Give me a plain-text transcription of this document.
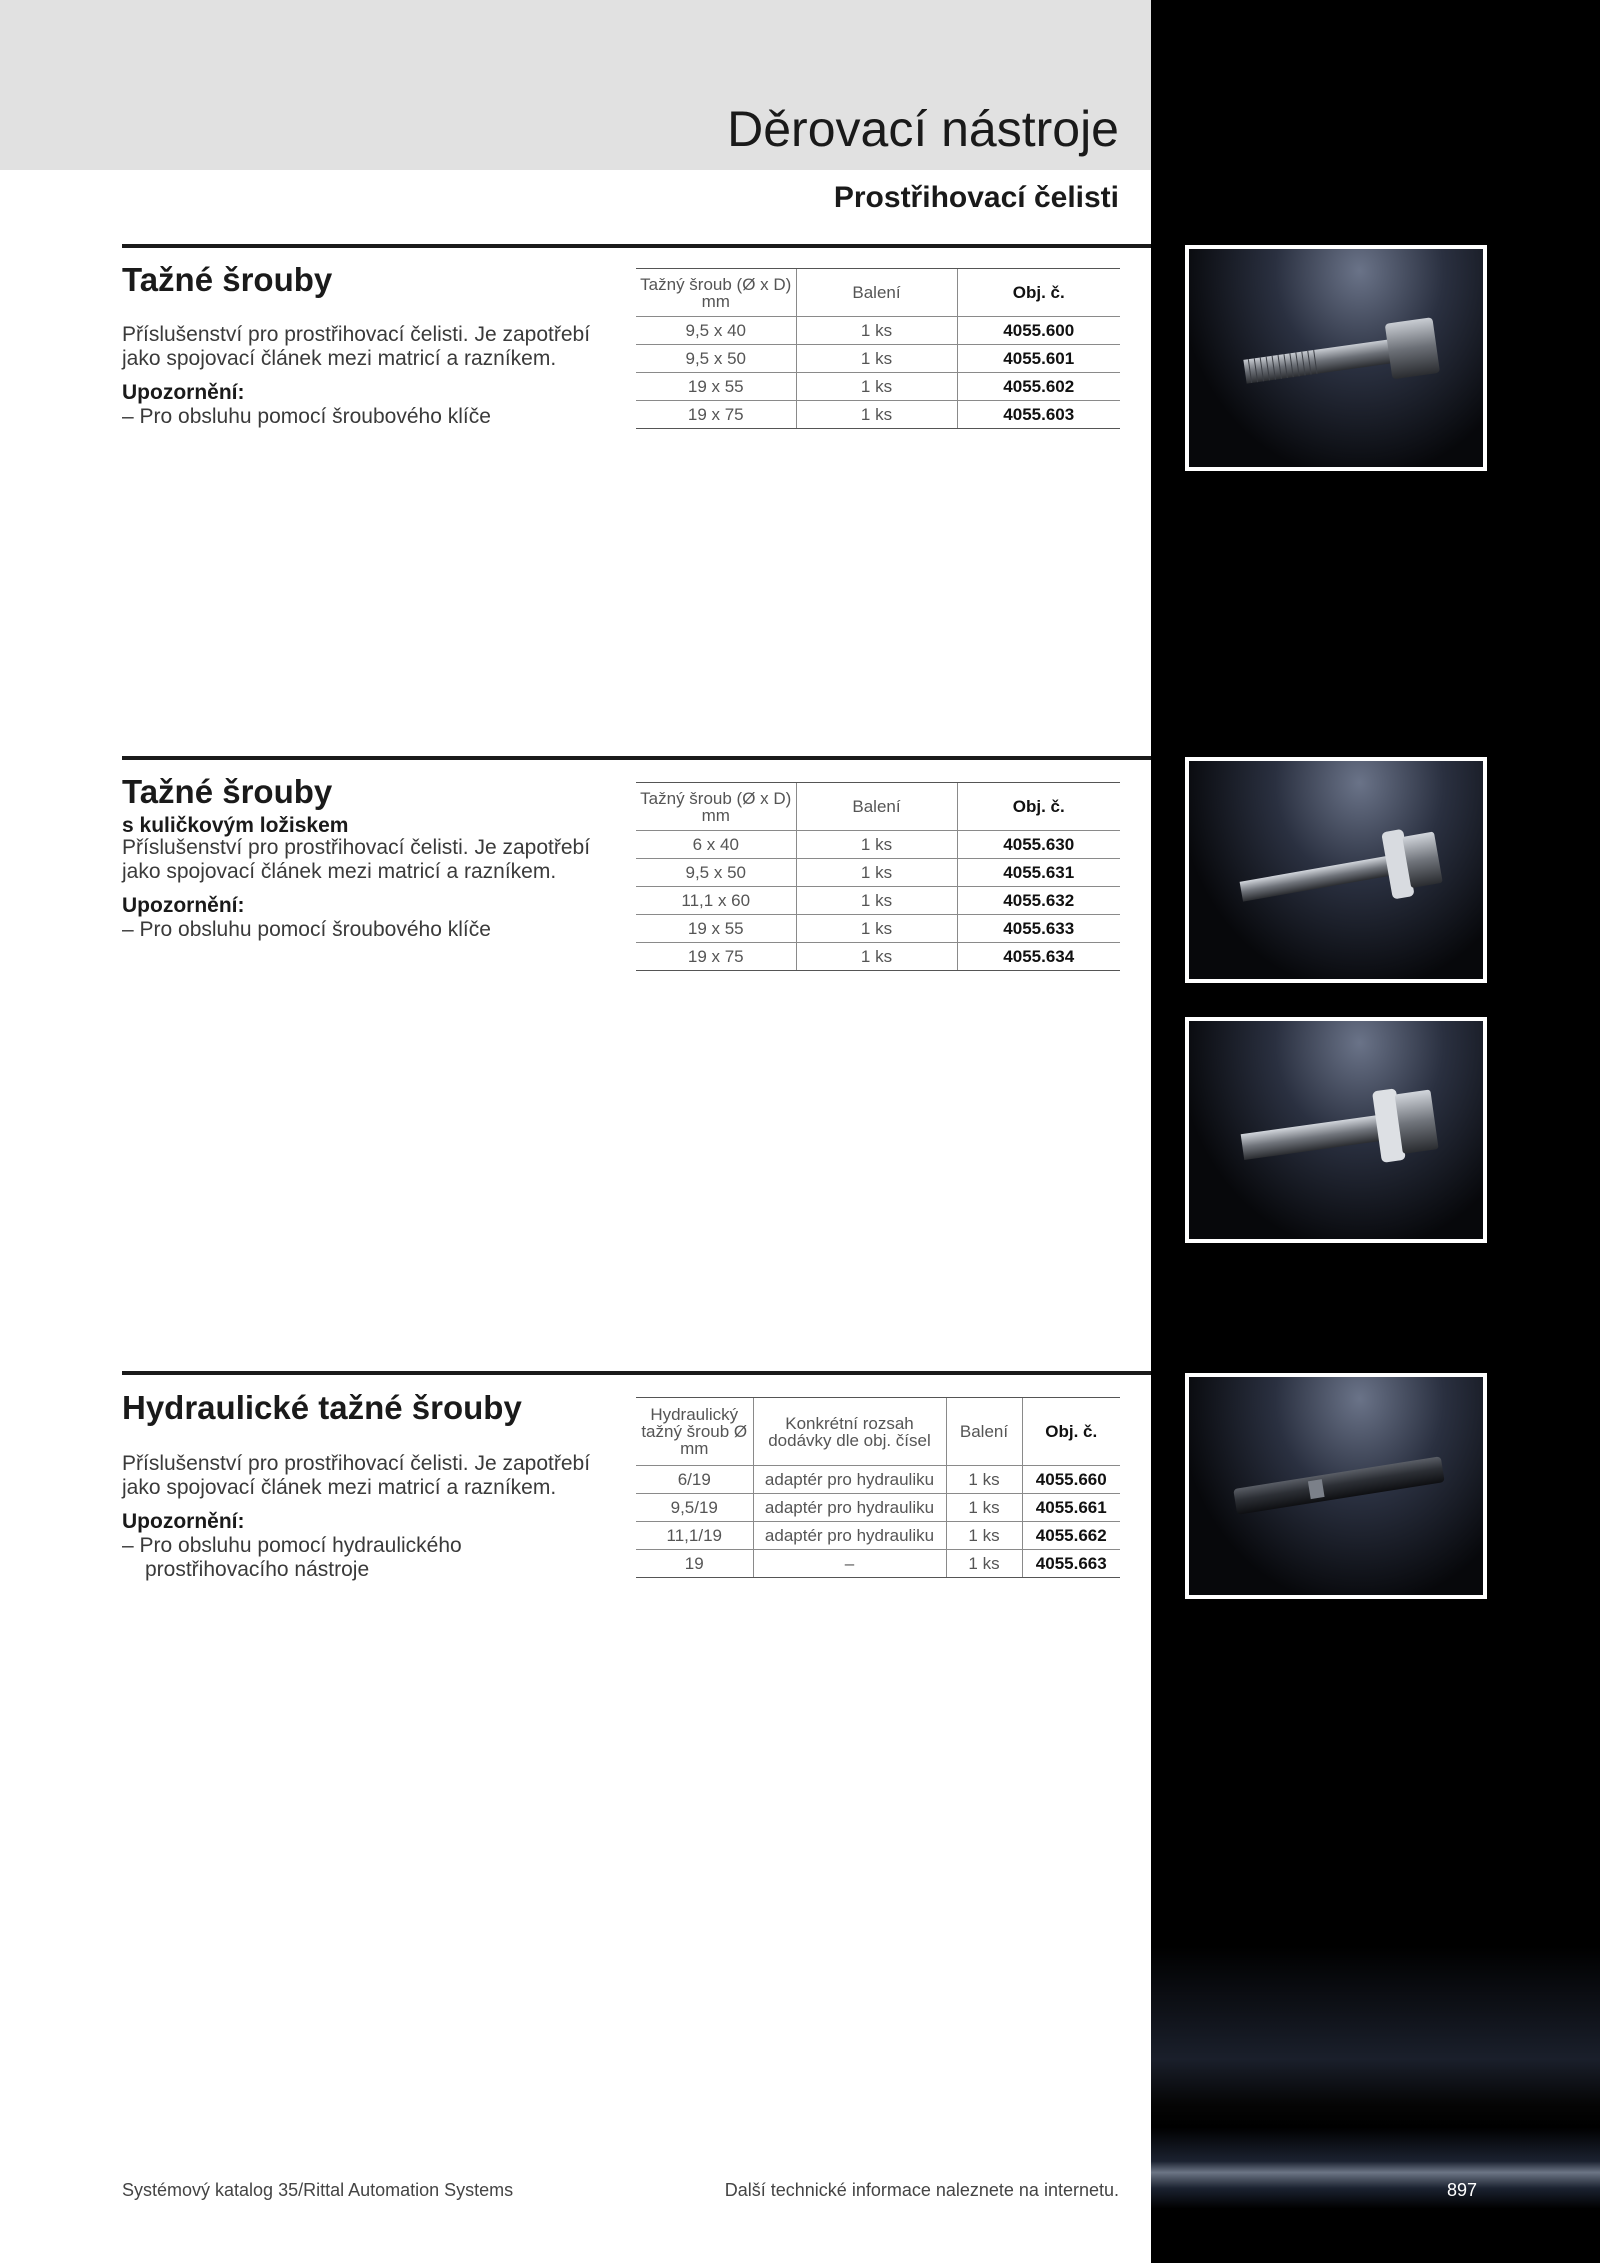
Děrovací nástroje
Prostřihovací čelisti
Tažné šrouby

Příslušenství pro prostřihovací čelisti. Je zapotřebí jako spojovací článek mezi matricí a razníkem.

Upozornění:

– Pro obsluhu pomocí šroubového klíče

Tažný šroub (Ø x D) mm	Balení	Obj. č.
9,5 x 40	1 ks	4055.600
9,5 x 50	1 ks	4055.601
19 x 55	1 ks	4055.602
19 x 75	1 ks	4055.603
Tažné šrouby

s kuličkovým ložiskem

Příslušenství pro prostřihovací čelisti. Je zapotřebí jako spojovací článek mezi matricí a razníkem.

Upozornění:

– Pro obsluhu pomocí šroubového klíče

Tažný šroub (Ø x D) mm	Balení	Obj. č.
6 x 40	1 ks	4055.630
9,5 x 50	1 ks	4055.631
11,1 x 60	1 ks	4055.632
19 x 55	1 ks	4055.633
19 x 75	1 ks	4055.634
Hydraulické tažné šrouby

Příslušenství pro prostřihovací čelisti. Je zapotřebí jako spojovací článek mezi matricí a razníkem.

Upozornění:

– Pro obsluhu pomocí hydraulického prostřihovacího nástroje

Hydraulický tažný šroub Ø mm	Konkrétní rozsah dodávky dle obj. čísel	Balení	Obj. č.
6/19	adaptér pro hydrauliku	1 ks	4055.660
9,5/19	adaptér pro hydrauliku	1 ks	4055.661
11,1/19	adaptér pro hydrauliku	1 ks	4055.662
19	–	1 ks	4055.663

Systémový katalog 35/Rittal Automation Systems	Další technické informace naleznete na internetu.	897
